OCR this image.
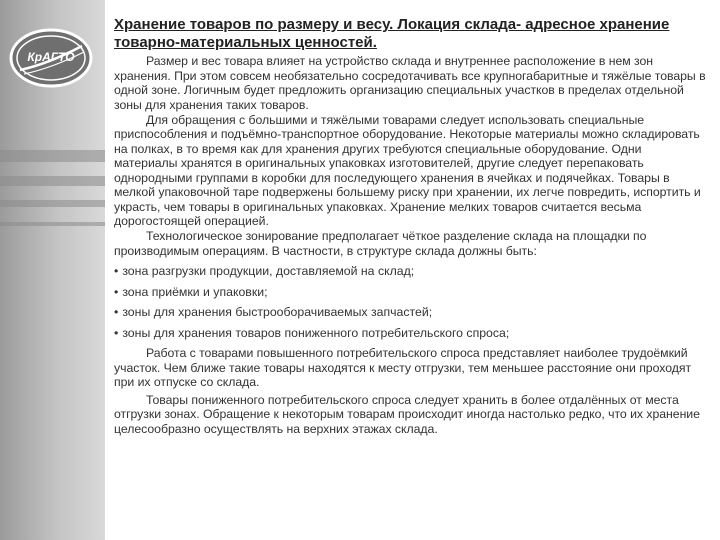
КрАГТО
Хранение товаров по размеру и весу. Локация склада- адресное хранение товарно-материальных ценностей.

Размер и вес товара влияет на устройство склада и внутреннее расположение в нем зон хранения. При этом совсем необязательно сосредотачивать все крупногабаритные и тяжёлые товары в одной зоне. Логичным будет предложить организацию специальных участков в пределах отдельной зоны для хранения таких товаров.

Для обращения с большими и тяжёлыми товарами следует использовать специальные приспособления и подъёмно-транспортное оборудование. Некоторые материалы можно складировать на полках, в то время как для хранения других требуются специальные оборудование. Одни материалы хранятся в оригинальных упаковках изготовителей, другие следует перепаковать однородными группами в коробки для последующего хранения в ячейках и подячейках. Товары в мелкой упаковочной таре подвержены большему риску при хранении, их легче повредить, испортить и украсть, чем товары в оригинальных упаковках. Хранение мелких товаров считается весьма дорогостоящей операцией.

Технологическое зонирование предполагает чёткое разделение склада на площадки по производимым операциям. В частности, в структуре склада должны быть:

• зона разгрузки продукции, доставляемой на склад;
• зона приёмки и упаковки;
• зоны для хранения быстрооборачиваемых запчастей;
• зоны для хранения товаров пониженного потребительского спроса;

Работа с товарами повышенного потребительского спроса представляет наиболее трудоёмкий участок. Чем ближе такие товары находятся к месту отгрузки, тем меньшее расстояние они проходят при их отпуске со склада.

Товары пониженного потребительского спроса следует хранить в более отдалённых от места отгрузки зонах. Обращение к некоторым товарам происходит иногда настолько редко, что их хранение целесообразно осуществлять на верхних этажах склада.
